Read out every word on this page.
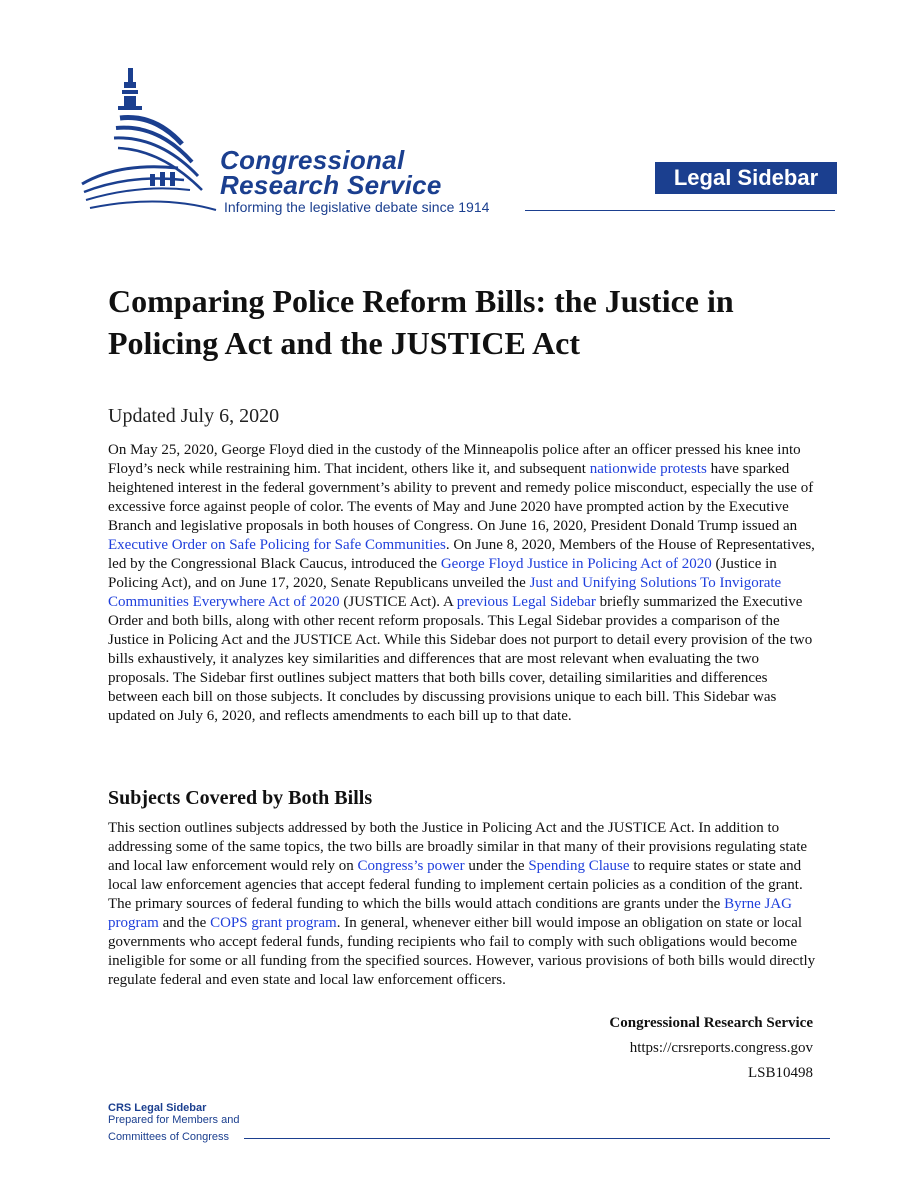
Congressional
Research Service
Informing the legislative debate since 1914
Legal Sidebar
Comparing Police Reform Bills: the Justice in Policing Act and the JUSTICE Act
Updated July 6, 2020

On May 25, 2020, George Floyd died in the custody of the Minneapolis police after an officer pressed his knee into Floyd’s neck while restraining him. That incident, others like it, and subsequent nationwide protests have sparked heightened interest in the federal government’s ability to prevent and remedy police misconduct, especially the use of excessive force against people of color. The events of May and June 2020 have prompted action by the Executive Branch and legislative proposals in both houses of Congress. On June 16, 2020, President Donald Trump issued an Executive Order on Safe Policing for Safe Communities. On June 8, 2020, Members of the House of Representatives, led by the Congressional Black Caucus, introduced the George Floyd Justice in Policing Act of 2020 (Justice in Policing Act), and on June 17, 2020, Senate Republicans unveiled the Just and Unifying Solutions To Invigorate Communities Everywhere Act of 2020 (JUSTICE Act). A previous Legal Sidebar briefly summarized the Executive Order and both bills, along with other recent reform proposals. This Legal Sidebar provides a comparison of the Justice in Policing Act and the JUSTICE Act. While this Sidebar does not purport to detail every provision of the two bills exhaustively, it analyzes key similarities and differences that are most relevant when evaluating the two proposals. The Sidebar first outlines subject matters that both bills cover, detailing similarities and differences between each bill on those subjects. It concludes by discussing provisions unique to each bill. This Sidebar was updated on July 6, 2020, and reflects amendments to each bill up to that date.

Subjects Covered by Both Bills

This section outlines subjects addressed by both the Justice in Policing Act and the JUSTICE Act. In addition to addressing some of the same topics, the two bills are broadly similar in that many of their provisions regulating state and local law enforcement would rely on Congress’s power under the Spending Clause to require states or state and local law enforcement agencies that accept federal funding to implement certain policies as a condition of the grant. The primary sources of federal funding to which the bills would attach conditions are grants under the Byrne JAG program and the COPS grant program. In general, whenever either bill would impose an obligation on state or local governments who accept federal funds, funding recipients who fail to comply with such obligations would become ineligible for some or all funding from the specified sources. However, various provisions of both bills would directly regulate federal and even state and local law enforcement officers.

Congressional Research Service
https://crsreports.congress.gov
LSB10498
CRS Legal Sidebar
Prepared for Members and
Committees of Congress
